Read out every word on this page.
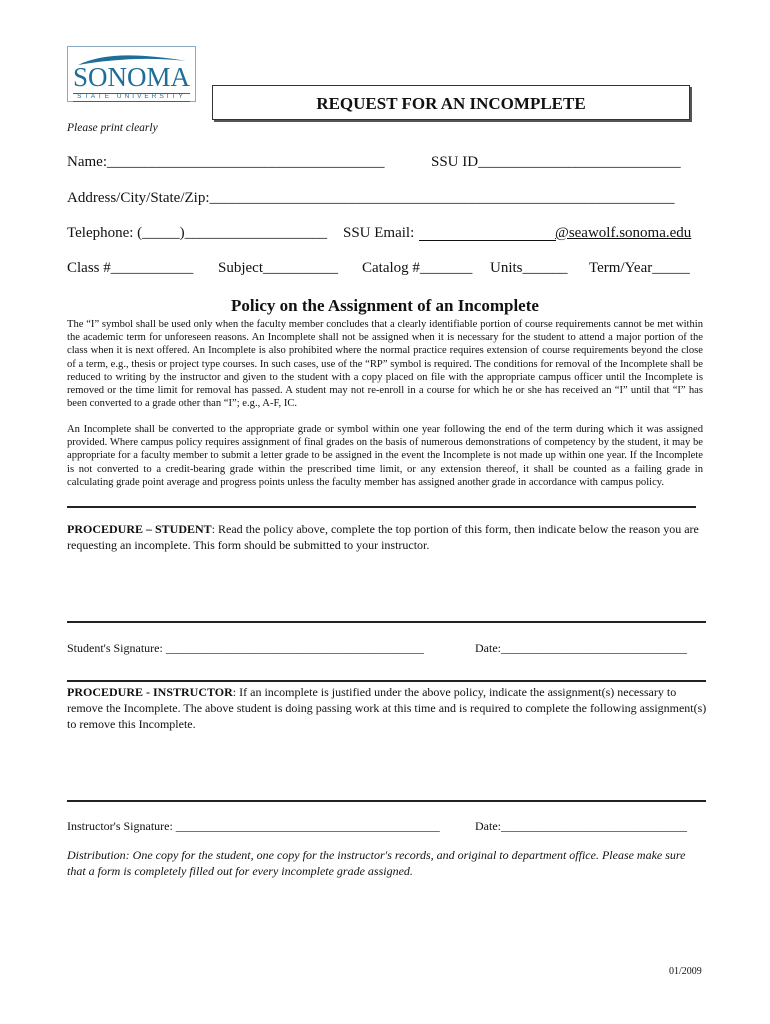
SONOMA
STATE UNIVERSITY	REQUEST FOR AN INCOMPLETE
Please print clearly
Name:_____________________________________	SSU ID___________________________
Address/City/State/Zip:______________________________________________________________
Telephone: (_____)___________________ SSU Email:	@seawolf.sonoma.edu
Class #___________ Subject__________ Catalog #_______ Units______ Term/Year_____
Policy on the Assignment of an Incomplete
The “I” symbol shall be used only when the faculty member concludes that a clearly identifiable portion of course requirements cannot be met within the academic term for unforeseen reasons. An Incomplete shall not be assigned when it is necessary for the student to attend a major portion of the class when it is next offered. An Incomplete is also prohibited where the normal practice requires extension of course requirements beyond the close of a term, e.g., thesis or project type courses. In such cases, use of the “RP” symbol is required. The conditions for removal of the Incomplete shall be reduced to writing by the instructor and given to the student with a copy placed on file with the appropriate campus officer until the Incomplete is removed or the time limit for removal has passed. A student may not re-enroll in a course for which he or she has received an “I” until that “I” has been converted to a grade other than “I”; e.g., A-F, IC.
An Incomplete shall be converted to the appropriate grade or symbol within one year following the end of the term during which it was assigned provided. Where campus policy requires assignment of final grades on the basis of numerous demonstrations of competency by the student, it may be appropriate for a faculty member to submit a letter grade to be assigned in the event the Incomplete is not made up within one year. If the Incomplete is not converted to a credit-bearing grade within the prescribed time limit, or any extension thereof, it shall be counted as a failing grade in calculating grade point average and progress points unless the faculty member has assigned another grade in accordance with campus policy.
PROCEDURE – STUDENT: Read the policy above, complete the top portion of this form, then indicate below the reason you are requesting an incomplete. This form should be submitted to your instructor.
Student's Signature: ___________________________________________	Date:_______________________________
PROCEDURE - INSTRUCTOR: If an incomplete is justified under the above policy, indicate the assignment(s) necessary to remove the Incomplete. The above student is doing passing work at this time and is required to complete the following assignment(s) to remove this Incomplete.
Instructor's Signature: ____________________________________________	Date:_______________________________
Distribution: One copy for the student, one copy for the instructor's records, and original to department office. Please make sure that a form is completely filled out for every incomplete grade assigned.
01/2009
